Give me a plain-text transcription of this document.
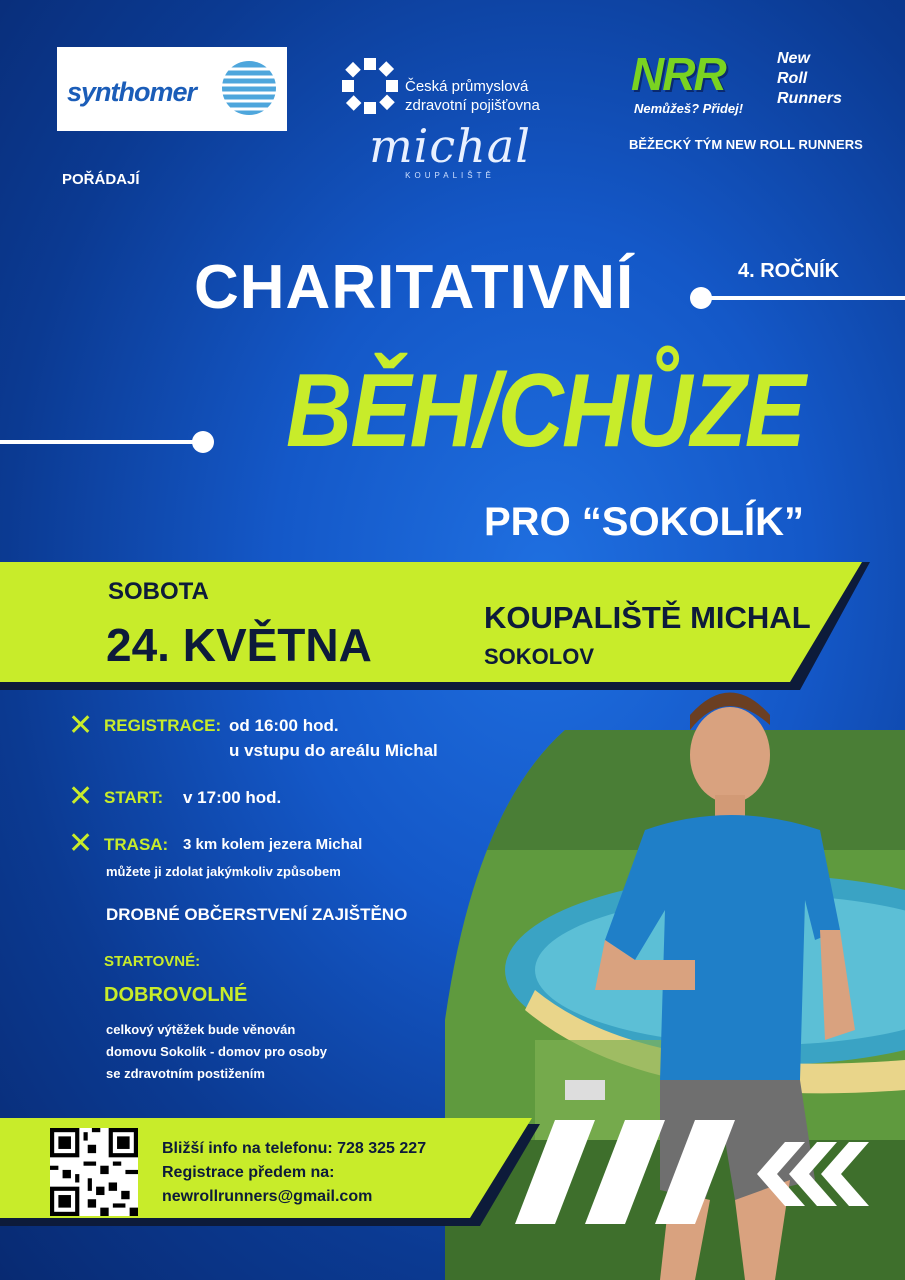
synthomer	Česká průmyslová
zdravotní pojišťovna
michal
KOUPALIŠTĚ
NRR	New
Roll
Runners
Nemůžeš? Přidej!
BĚŽECKÝ TÝM NEW ROLL RUNNERS
POŘÁDAJÍ
CHARITATIVNÍ	4. ROČNÍK
BĚH/CHŮZE
PRO “SOKOLÍK”
SOBOTA
24. KVĚTNA
KOUPALIŠTĚ MICHAL
SOKOLOV
✕ REGISTRACE: od 16:00 hod.
u vstupu do areálu Michal
✕ START: v 17:00 hod.
✕ TRASA: 3 km kolem jezera Michal
můžete ji zdolat jakýmkoliv způsobem
DROBNÉ OBČERSTVENÍ ZAJIŠTĚNO
STARTOVNÉ:
DOBROVOLNÉ
celkový výtěžek bude věnován
domovu Sokolík - domov pro osoby
se zdravotním postižením
Bližší info na telefonu: 728 325 227
Registrace předem na:
newrollrunners@gmail.com
